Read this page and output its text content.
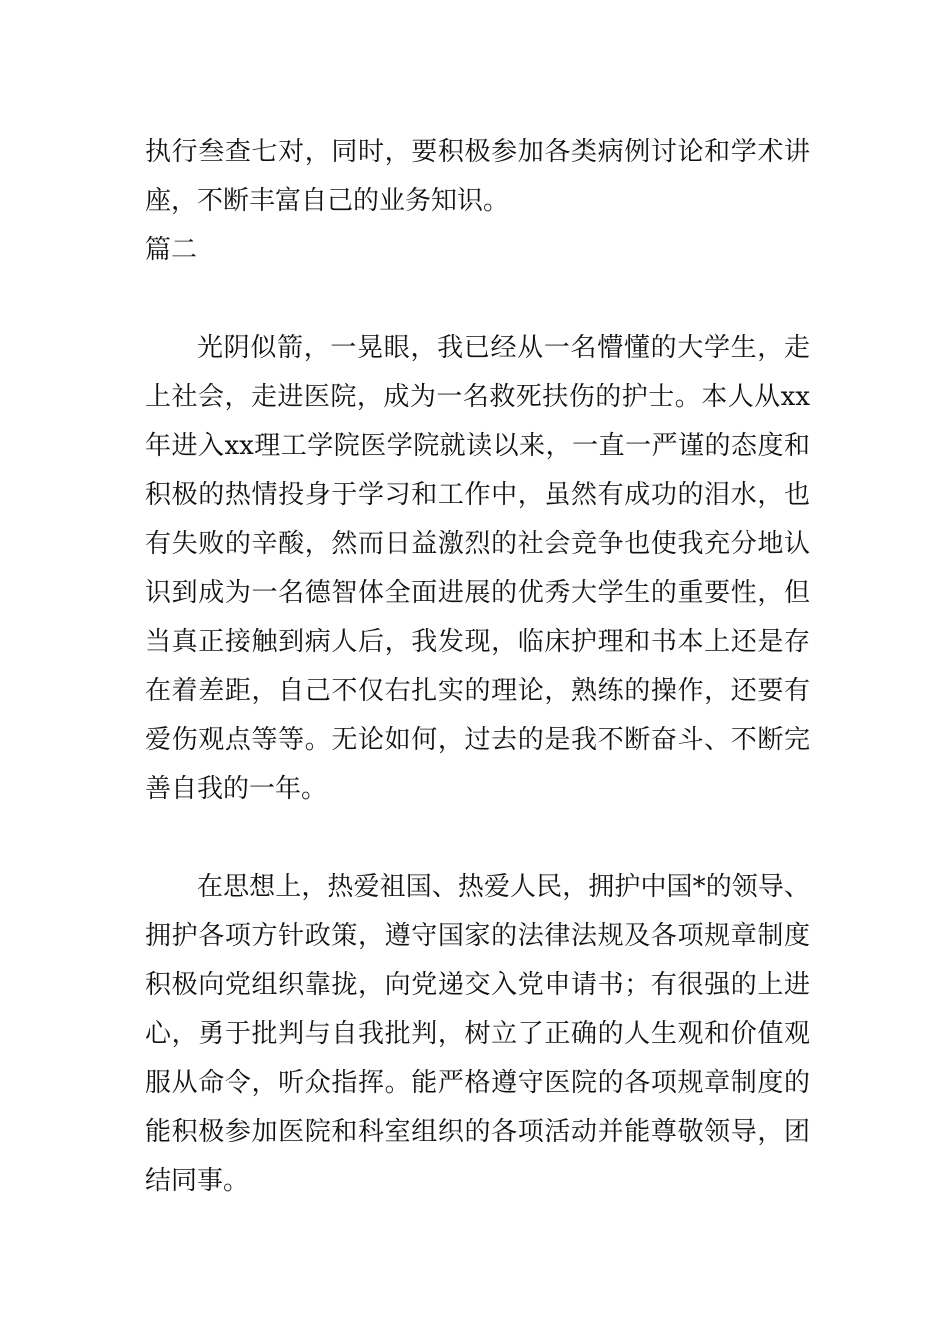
执行叁查七对，同时，要积极参加各类病例讨论和学术讲座，不断丰富自己的业务知识。

篇二

光阴似箭，一晃眼，我已经从一名懵懂的大学生，走上社会，走进医院，成为一名救死扶伤的护士。本人从xx年进入xx理工学院医学院就读以来，一直一严谨的态度和积极的热情投身于学习和工作中，虽然有成功的泪水，也有失败的辛酸，然而日益激烈的社会竞争也使我充分地认识到成为一名德智体全面进展的优秀大学生的重要性，但当真正接触到病人后，我发现，临床护理和书本上还是存在着差距，自己不仅右扎实的理论，熟练的操作，还要有爱伤观点等等。无论如何，过去的是我不断奋斗、不断完善自我的一年。

在思想上，热爱祖国、热爱人民，拥护中国*的领导、拥护各项方针政策，遵守国家的法律法规及各项规章制度积极向党组织靠拢，向党递交入党申请书；有很强的上进心，勇于批判与自我批判，树立了正确的人生观和价值观服从命令，听众指挥。能严格遵守医院的各项规章制度的能积极参加医院和科室组织的各项活动并能尊敬领导，团结同事。
